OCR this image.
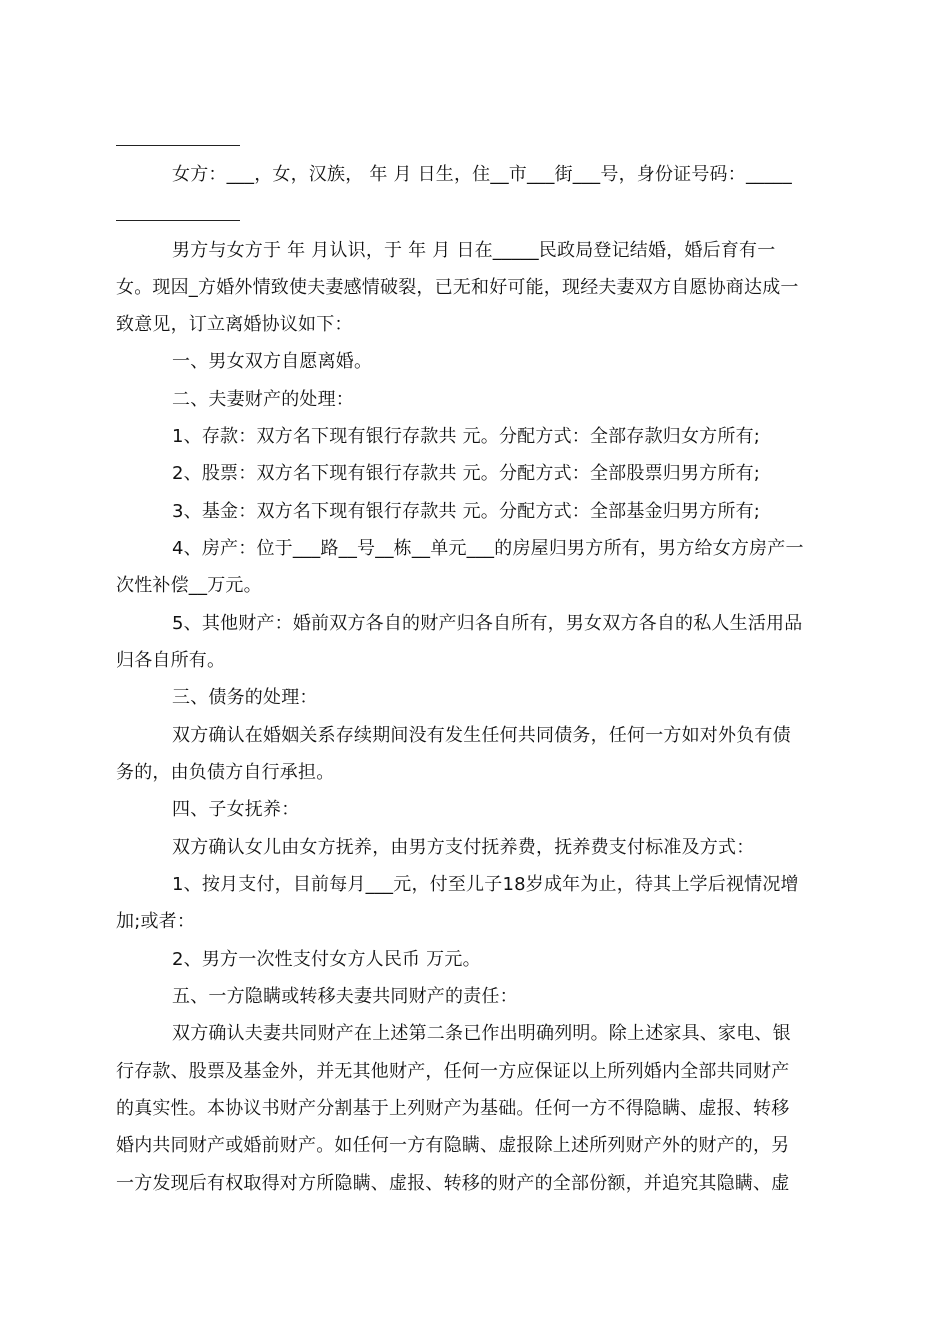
女方：___，女，汉族， 年 月 日生，住__市___街___号，身份证号码：_____
男方与女方于 年 月认识，于 年 月 日在_____民政局登记结婚，婚后育有一
女。现因_方婚外情致使夫妻感情破裂，已无和好可能，现经夫妻双方自愿协商达成一
致意见，订立离婚协议如下：
一、男女双方自愿离婚。
二、夫妻财产的处理：
1、存款：双方名下现有银行存款共 元。分配方式：全部存款归女方所有;
2、股票：双方名下现有银行存款共 元。分配方式：全部股票归男方所有;
3、基金：双方名下现有银行存款共 元。分配方式：全部基金归男方所有;
4、房产：位于___路__号__栋__单元___的房屋归男方所有，男方给女方房产一
次性补偿__万元。
5、其他财产：婚前双方各自的财产归各自所有，男女双方各自的私人生活用品
归各自所有。
三、债务的处理：
双方确认在婚姻关系存续期间没有发生任何共同债务，任何一方如对外负有债
务的，由负债方自行承担。
四、子女抚养：
双方确认女儿由女方抚养，由男方支付抚养费，抚养费支付标准及方式：
1、按月支付，目前每月___元，付至儿子18岁成年为止，待其上学后视情况增
加;或者：
2、男方一次性支付女方人民币 万元。
五、一方隐瞒或转移夫妻共同财产的责任：
双方确认夫妻共同财产在上述第二条已作出明确列明。除上述家具、家电、银
行存款、股票及基金外，并无其他财产，任何一方应保证以上所列婚内全部共同财产
的真实性。本协议书财产分割基于上列财产为基础。任何一方不得隐瞒、虚报、转移
婚内共同财产或婚前财产。如任何一方有隐瞒、虚报除上述所列财产外的财产的，另
一方发现后有权取得对方所隐瞒、虚报、转移的财产的全部份额，并追究其隐瞒、虚
